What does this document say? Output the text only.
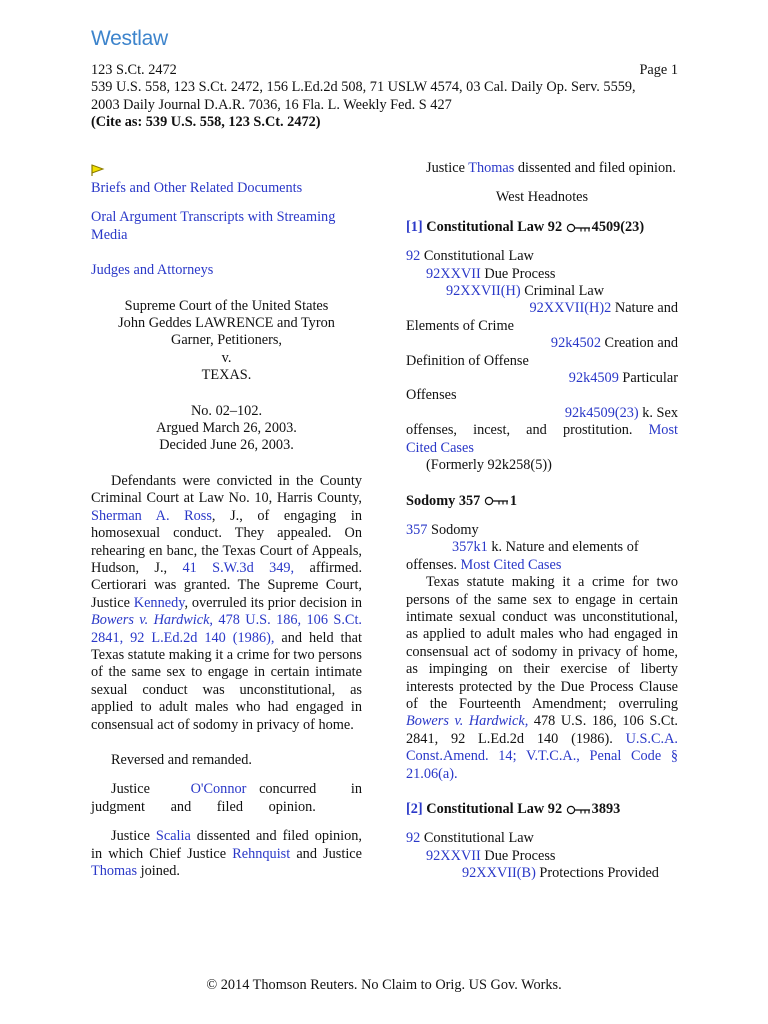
Westlaw
123 S.Ct. 2472	Page 1
539 U.S. 558, 123 S.Ct. 2472, 156 L.Ed.2d 508, 71 USLW 4574, 03 Cal. Daily Op. Serv. 5559,
2003 Daily Journal D.A.R. 7036, 16 Fla. L. Weekly Fed. S 427
(Cite as: 539 U.S. 558, 123 S.Ct. 2472)
Briefs and Other Related Documents
Oral Argument Transcripts with Streaming Media
Judges and Attorneys
Supreme Court of the United States
John Geddes LAWRENCE and Tyron
Garner, Petitioners,
v.
TEXAS.
No. 02–102.
Argued March 26, 2003.
Decided June 26, 2003.

Defendants were convicted in the County Criminal Court at Law No. 10, Harris County, Sherman A. Ross, J., of engaging in homosexual conduct. They appealed. On rehearing en banc, the Texas Court of Appeals, Hudson, J., 41 S.W.3d 349, affirmed. Certiorari was granted. The Supreme Court, Justice Kennedy, overruled its prior decision in Bowers v. Hardwick, 478 U.S. 186, 106 S.Ct. 2841, 92 L.Ed.2d 140 (1986), and held that Texas statute making it a crime for two persons of the same sex to engage in certain intimate sexual conduct was unconstitutional, as applied to adult males who had engaged in consensual act of sodomy in privacy of home.

Reversed and remanded.

Justice	O'Connor concurred in judgment and filed opinion.

Justice Scalia dissented and filed opinion, in which Chief Justice Rehnquist and Justice Thomas joined.

Justice Thomas dissented and filed opinion.

West Headnotes
[1] Constitutional Law 92 4509(23)
92 Constitutional Law
92XXVII Due Process
92XXVII(H) Criminal Law
92XXVII(H)2 Nature and
Elements of Crime
92k4502 Creation and
Definition of Offense
92k4509 Particular
Offenses
92k4509(23) k. Sex
offenses, incest, and prostitution. Most Cited Cases
(Formerly 92k258(5))
Sodomy 357 1
357 Sodomy
357k1 k. Nature and elements of
offenses. Most Cited Cases

Texas statute making it a crime for two persons of the same sex to engage in certain intimate sexual conduct was unconstitutional, as applied to adult males who had engaged in consensual act of sodomy in privacy of home, as impinging on their exercise of liberty interests protected by the Due Process Clause of the Fourteenth Amendment; overruling Bowers v. Hardwick, 478 U.S. 186, 106 S.Ct. 2841, 92 L.Ed.2d 140 (1986). U.S.C.A. Const.Amend. 14; V.T.C.A., Penal Code § 21.06(a).

[2] Constitutional Law 92 3893
92 Constitutional Law
92XXVII Due Process
92XXVII(B) Protections Provided
© 2014 Thomson Reuters. No Claim to Orig. US Gov. Works.
